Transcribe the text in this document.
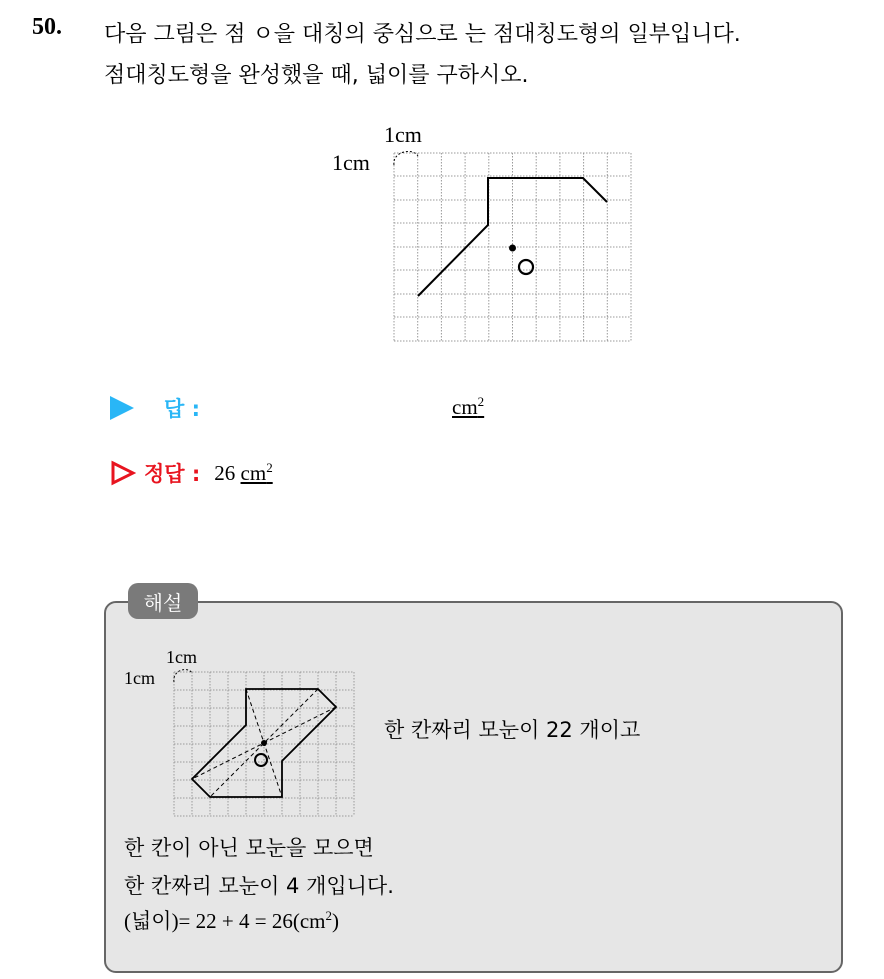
50. 다음 그림은 점 ㅇ을 대칭의 중심으로 는 점대칭도형의 일부입니다.
점대칭도형을 완성했을 때, 넓이를 구하시오.
1cm
1cm
답 :	$cm^2$
정답 : 26 $cm^2$
해설
1cm
1cm
한 칸짜리 모눈이 22 개이고
한 칸이 아닌 모눈을 모으면
한 칸짜리 모눈이 4 개입니다.
(넓이)= $22 + 4 = 26(cm^2)$
